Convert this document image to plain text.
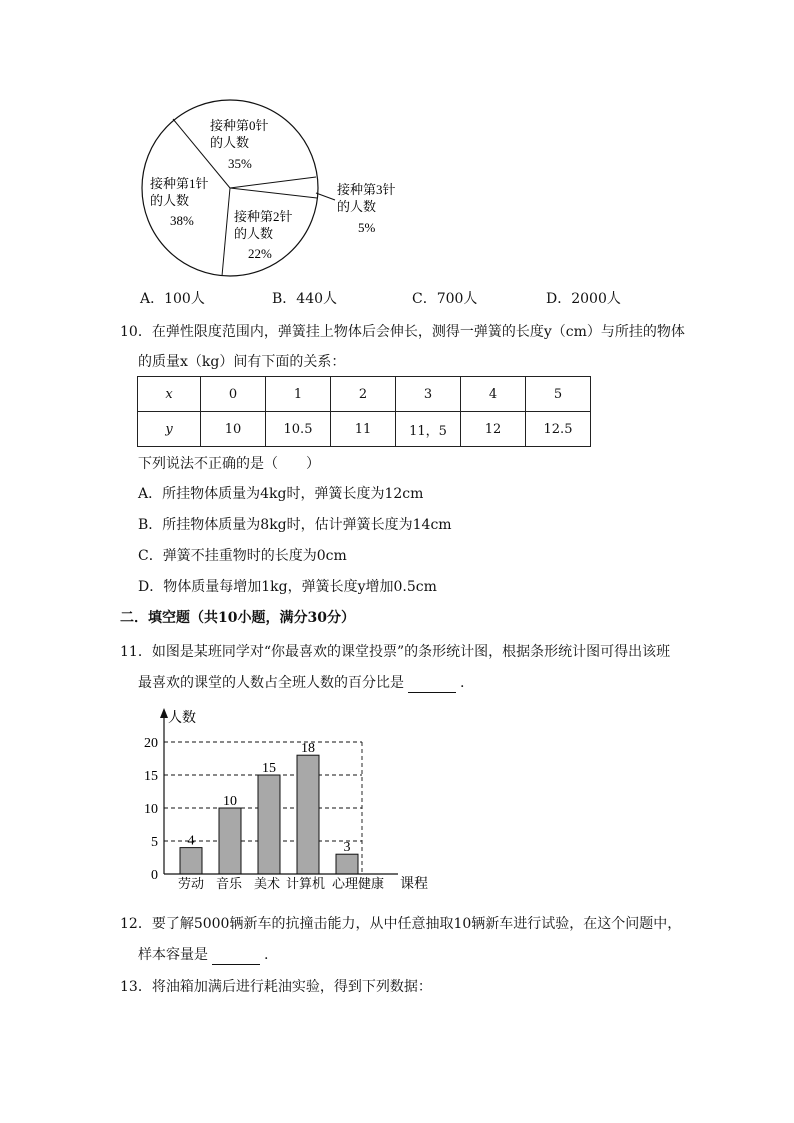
接种第0针
的人数
35%
接种第1针
的人数
38%	接种第2针
的人数
22%
接种第3针
的人数
5%
A．100人	B．440人	C．700人	D．2000人
10．在弹性限度范围内，弹簧挂上物体后会伸长，测得一弹簧的长度y（cm）与所挂的物体
的质量x（kg）间有下面的关系：
x	0	1	2	3	4	5
y	10	10.5	11	11，5	12	12.5
下列说法不正确的是（　　）
A．所挂物体质量为4kg时，弹簧长度为12cm
B．所挂物体质量为8kg时，估计弹簧长度为14cm
C．弹簧不挂重物时的长度为0cm
D．物体质量每增加1kg，弹簧长度y增加0.5cm
二．填空题（共10小题，满分30分）
11．如图是某班同学对“你最喜欢的课堂投票”的条形统计图，根据条形统计图可得出该班
最喜欢的课堂的人数占全班人数的百分比是	.
0
5
10
15
20
4
劳动
10
音乐
15
美术
18
计算机
3
心理健康
人数
课程
12．要了解5000辆新车的抗撞击能力，从中任意抽取10辆新车进行试验，在这个问题中，
样本容量是	.
13．将油箱加满后进行耗油实验，得到下列数据：
